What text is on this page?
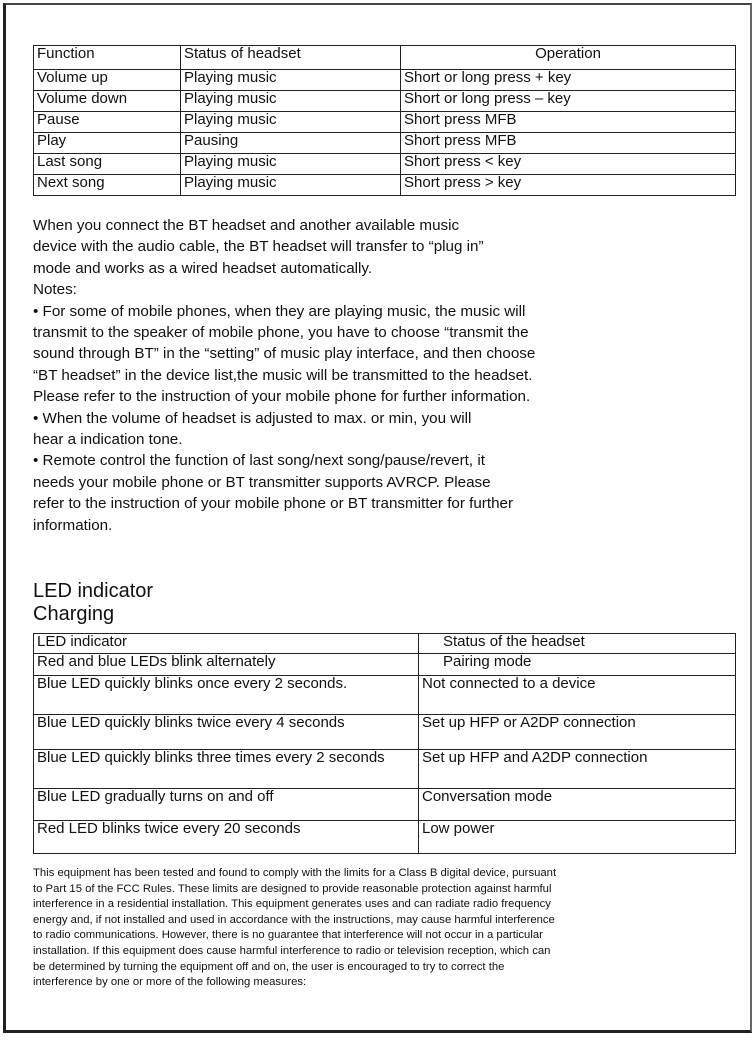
Function	Status of headset	Operation
Volume up	Playing music	Short or long press + key
Volume down	Playing music	Short or long press – key
Pause	Playing music	Short press MFB
Play	Pausing	Short press MFB
Last song	Playing music	Short press < key
Next song	Playing music	Short press > key
When you connect the BT headset and another available music
device with the audio cable, the BT headset will transfer to “plug in”
mode and works as a wired headset automatically.
Notes:
• For some of mobile phones, when they are playing music, the music will
transmit to the speaker of mobile phone, you have to choose “transmit the
sound through BT” in the “setting” of music play interface, and then choose
“BT headset” in the device list,the music will be transmitted to the headset.
Please refer to the instruction of your mobile phone for further information.
• When the volume of headset is adjusted to max. or min, you will
hear a indication tone.
• Remote control the function of last song/next song/pause/revert, it
needs your mobile phone or BT transmitter supports AVRCP. Please
refer to the instruction of your mobile phone or BT transmitter for further
information.
LED indicator
Charging
LED indicator	Status of the headset
Red and blue LEDs blink alternately	Pairing mode
Blue LED quickly blinks once every 2 seconds.	Not connected to a device
Blue LED quickly blinks twice every 4 seconds	Set up HFP or A2DP connection
Blue LED quickly blinks three times every 2 seconds	Set up HFP and A2DP connection
Blue LED gradually turns on and off	Conversation mode
Red LED blinks twice every 20 seconds	Low power
This equipment has been tested and found to comply with the limits for a Class B digital device, pursuant
to Part 15 of the FCC Rules. These limits are designed to provide reasonable protection against harmful
interference in a residential installation. This equipment generates uses and can radiate radio frequency
energy and, if not installed and used in accordance with the instructions, may cause harmful interference
to radio communications. However, there is no guarantee that interference will not occur in a particular
installation. If this equipment does cause harmful interference to radio or television reception, which can
be determined by turning the equipment off and on, the user is encouraged to try to correct the
interference by one or more of the following measures:
